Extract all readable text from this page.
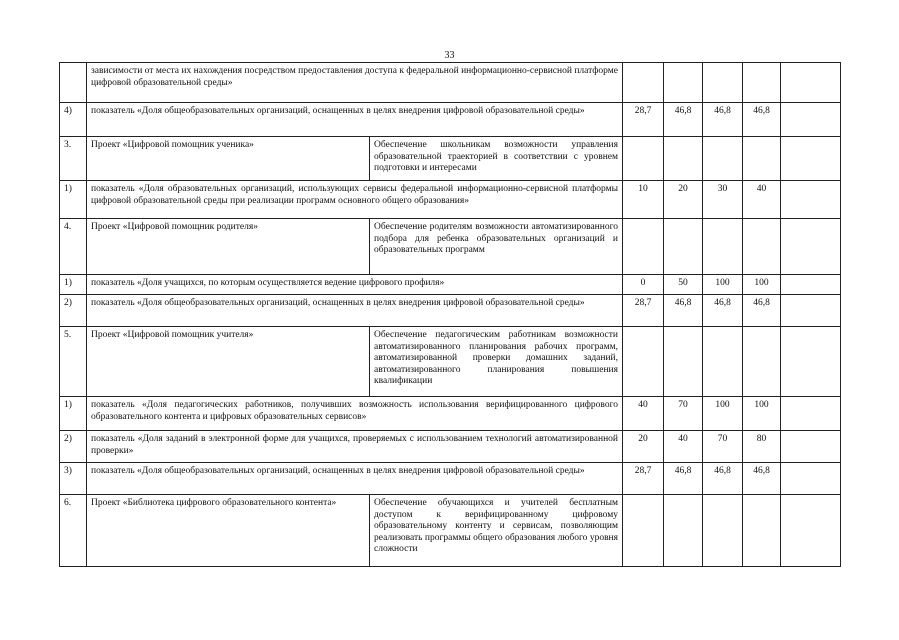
33
	зависимости от места их нахождения посредством предоставления доступа к федеральной информационно-сервисной платформе цифровой образовательной среды»						
4)	показатель «Доля общеобразовательных организаций, оснащенных в целях внедрения цифровой образовательной среды»		28,7	46,8	46,8	46,8	
3.	Проект «Цифровой помощник ученика»	Обеспечение школьникам возможности управления образовательной траекторией в соответствии с уровнем подготовки и интересами					
1)	показатель «Доля образовательных организаций, использующих сервисы федеральной информационно-сервисной платформы цифровой образовательной среды при реализации программ основного общего образования»		10	20	30	40	
4.	Проект «Цифровой помощник родителя»	Обеспечение родителям возможности автоматизированного подбора для ребенка образовательных организаций и образовательных программ					
1)	показатель «Доля учащихся, по которым осуществляется ведение цифрового профиля»		0	50	100	100	
2)	показатель «Доля общеобразовательных организаций, оснащенных в целях внедрения цифровой образовательной среды»		28,7	46,8	46,8	46,8	
5.	Проект «Цифровой помощник учителя»	Обеспечение педагогическим работникам возможности автоматизированного планирования рабочих программ, автоматизированной проверки домашних заданий, автоматизированного планирования повышения квалификации					
1)	показатель «Доля педагогических работников, получивших возможность использования верифицированного цифрового образовательного контента и цифровых образовательных сервисов»		40	70	100	100	
2)	показатель «Доля заданий в электронной форме для учащихся, проверяемых с использованием технологий автоматизированной проверки»		20	40	70	80	
3)	показатель «Доля общеобразовательных организаций, оснащенных в целях внедрения цифровой образовательной среды»		28,7	46,8	46,8	46,8	
6.	Проект «Библиотека цифрового образовательного контента»	Обеспечение обучающихся и учителей бесплатным доступом к верифицированному цифровому образовательному контенту и сервисам, позволяющим реализовать программы общего образования любого уровня сложности					
